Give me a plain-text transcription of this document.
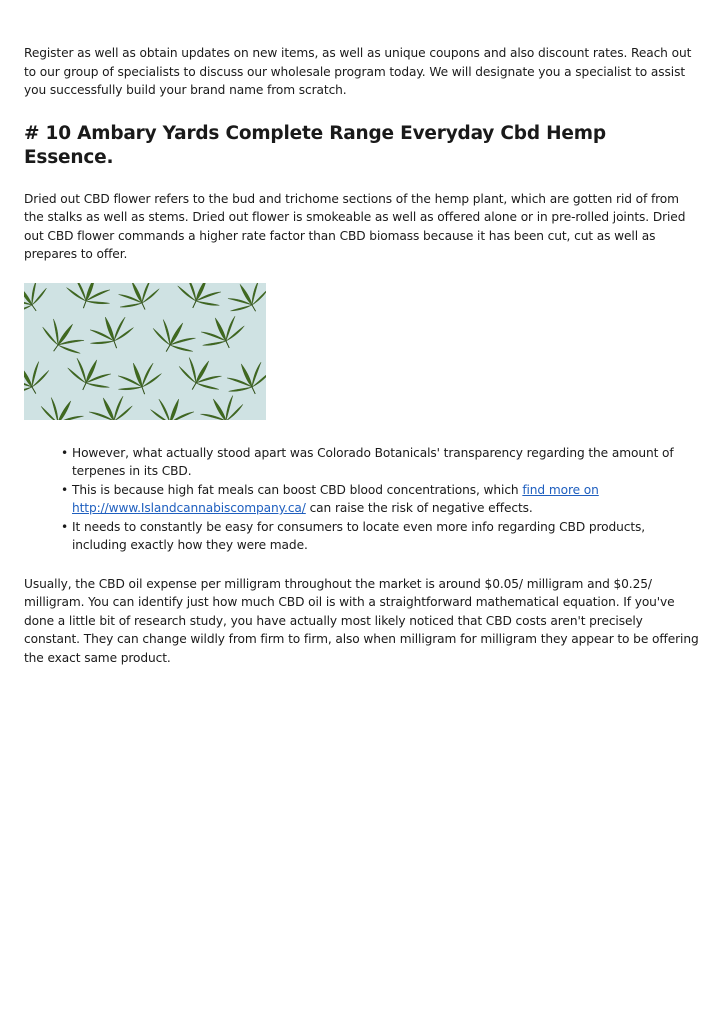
Register as well as obtain updates on new items, as well as unique coupons and also discount rates. Reach out to our group of specialists to discuss our wholesale program today. We will designate you a specialist to assist you successfully build your brand name from scratch.

# 10 Ambary Yards Complete Range Everyday Cbd Hemp Essence.

Dried out CBD flower refers to the bud and trichome sections of the hemp plant, which are gotten rid of from the stalks as well as stems. Dried out flower is smokeable as well as offered alone or in pre-rolled joints. Dried out CBD flower commands a higher rate factor than CBD biomass because it has been cut, cut as well as prepares to offer.

• However, what actually stood apart was Colorado Botanicals' transparency regarding the amount of terpenes in its CBD.
• This is because high fat meals can boost CBD blood concentrations, which find more on http://www.Islandcannabiscompany.ca/ can raise the risk of negative effects.
• It needs to constantly be easy for consumers to locate even more info regarding CBD products, including exactly how they were made.

Usually, the CBD oil expense per milligram throughout the market is around $0.05/ milligram and $0.25/ milligram. You can identify just how much CBD oil is with a straightforward mathematical equation. If you've done a little bit of research study, you have actually most likely noticed that CBD costs aren't precisely constant. They can change wildly from firm to firm, also when milligram for milligram they appear to be offering the exact same product.
